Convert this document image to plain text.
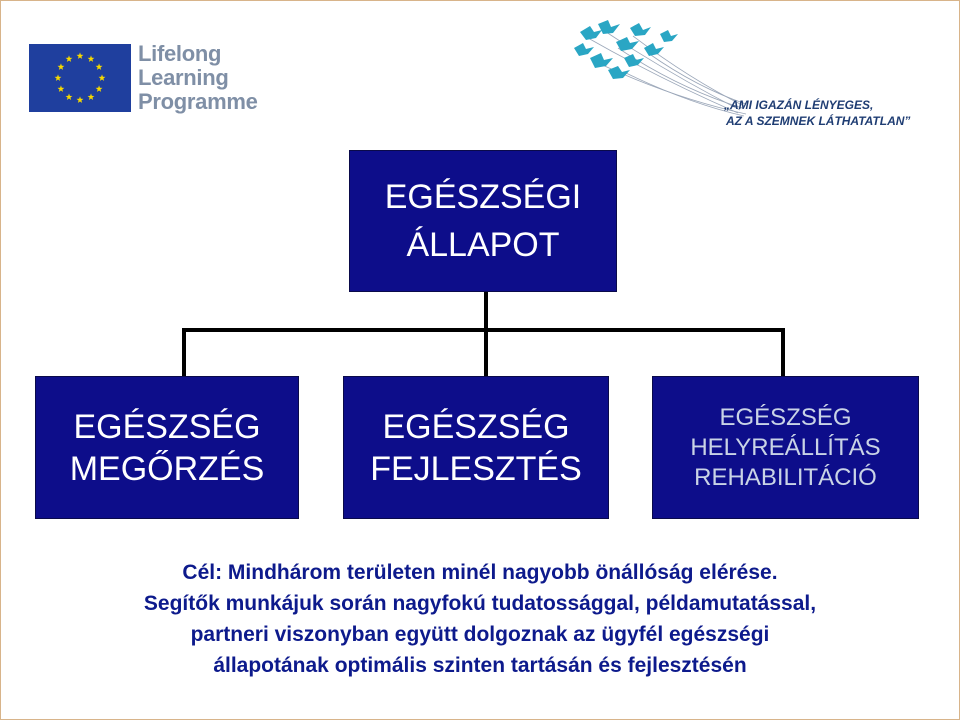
Lifelong
Learning
Programme	„AMI IGAZÁN LÉNYEGES,
AZ A SZEMNEK LÁTHATATLAN”
EGÉSZSÉGI
ÁLLAPOT
EGÉSZSÉG
MEGŐRZÉS
EGÉSZSÉG
FEJLESZTÉS
EGÉSZSÉG
HELYREÁLLÍTÁS
REHABILITÁCIÓ
Cél: Mindhárom területen minél nagyobb önállóság elérése.
Segítők munkájuk során nagyfokú tudatossággal, példamutatással,
partneri viszonyban együtt dolgoznak az ügyfél egészségi
állapotának optimális szinten tartásán és fejlesztésén
